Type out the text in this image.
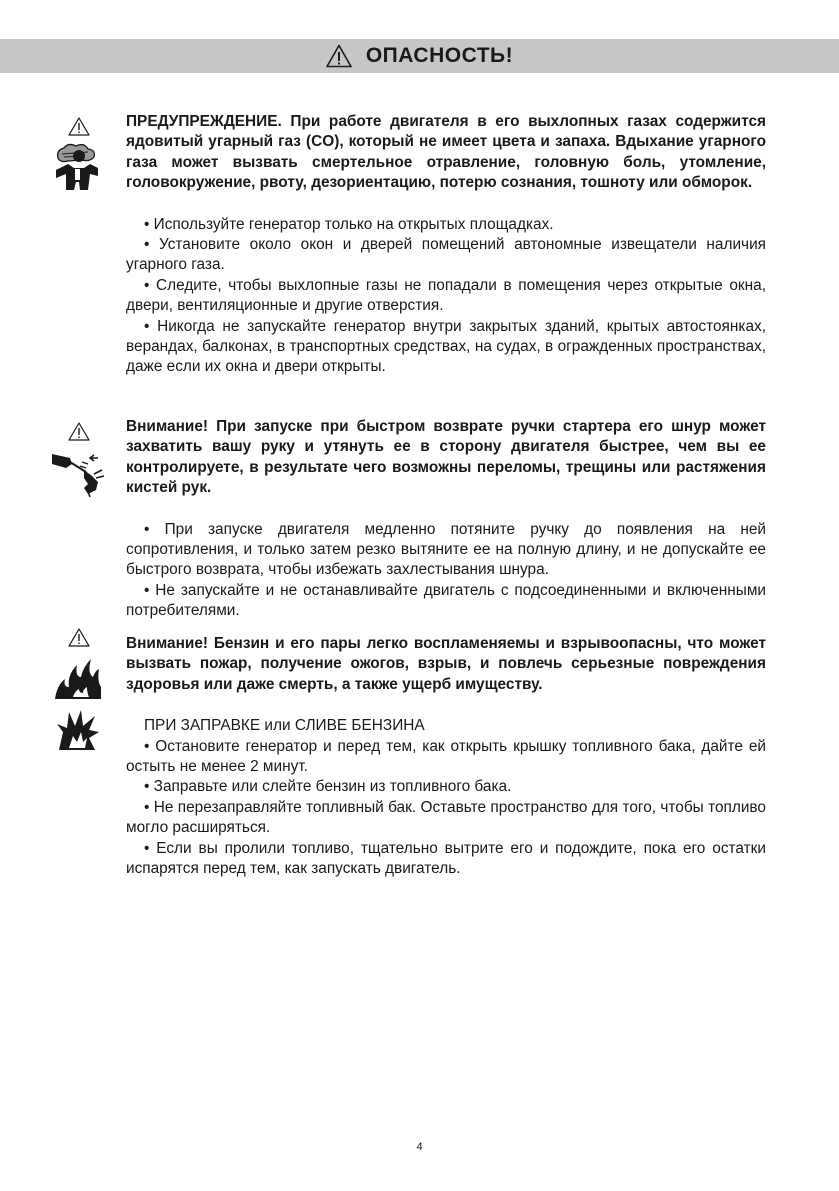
ОПАСНОСТЬ!

ПРЕДУПРЕЖДЕНИЕ. При работе двигателя в его выхлопных газах содержится ядовитый угарный газ (CO), который не имеет цвета и запаха. Вдыхание угарного газа может вызвать смертельное отравление, головную боль, утомление, головокружение, рвоту, дезориентацию, потерю сознания, тошноту или обморок.

• Используйте генератор только на открытых площадках.

• Установите около окон и дверей помещений автономные извещатели наличия угарного газа.

• Следите, чтобы выхлопные газы не попадали в помещения через открытые окна, двери, вентиляционные и другие отверстия.

• Никогда не запускайте генератор внутри закрытых зданий, крытых автостоянках, верандах, балконах, в транспортных средствах, на судах, в огражденных пространствах, даже если их окна и двери открыты.

Внимание! При запуске при быстром возврате ручки стартера его шнур может захватить вашу руку и утянуть ее в сторону двигателя быстрее, чем вы ее контролируете, в результате чего возможны переломы, трещины или растяжения кистей рук.

• При запуске двигателя медленно потяните ручку до появления на ней сопротивления, и только затем резко вытяните ее на полную длину, и не допускайте ее быстрого возврата, чтобы избежать захлестывания шнура.

• Не запускайте и не останавливайте двигатель с подсоединенными и включенными потребителями.

Внимание! Бензин и его пары легко воспламеняемы и взрывоопасны, что может вызвать пожар, получение ожогов, взрыв, и повлечь серьезные повреждения здоровья или даже смерть, а также ущерб имуществу.

ПРИ ЗАПРАВКЕ или СЛИВЕ БЕНЗИНА

• Остановите генератор и перед тем, как открыть крышку топливного бака, дайте ей остыть не менее 2 минут.

• Заправьте или слейте бензин из топливного бака.

• Не перезаправляйте топливный бак. Оставьте пространство для того, чтобы топливо могло расширяться.

• Если вы пролили топливо, тщательно вытрите его и подождите, пока его остатки испарятся перед тем, как запускать двигатель.

4
